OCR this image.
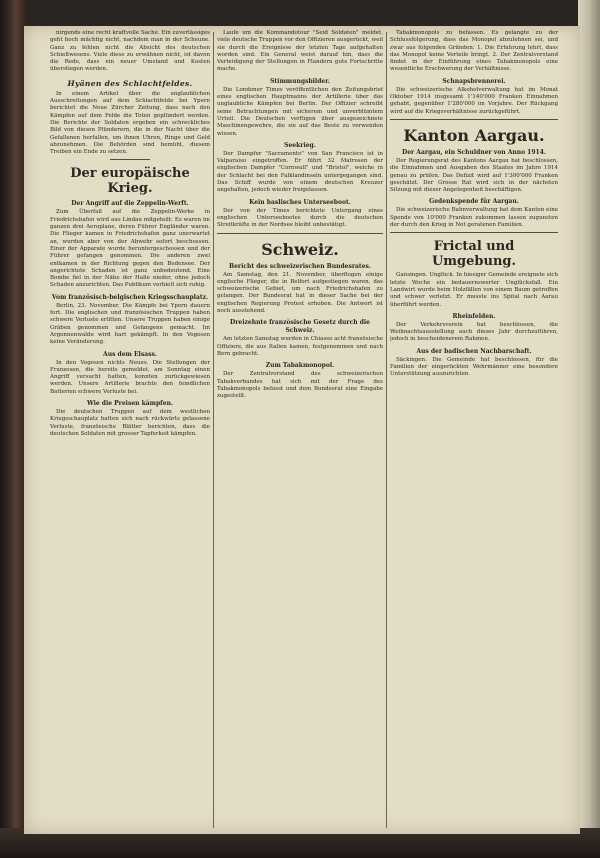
nirgends eine recht kraftvolle Sache. Ein zuverlässiges geht hoch mächtig nicht, nachdem man in der Scheune. Ganz zu fehlen nicht die Absicht des deutschen Schießwesens. Viele diese zu erwähnen nicht, ist davon die Rede, dass ein neuer Umstand und Kosten überstiegen werden.

Hyänen des Schlachtfeldes.

In einem Artikel über die unglaublichen Ausschreitungen auf dem Schlachtfelde bei Ypern berichtet die Neue Zürcher Zeitung, dass nach den Kämpfen auf dem Felde die Toten geplündert werden. Die Berichte der Soldaten ergeben ein schreckliches Bild von diesen Plünderern, die in der Nacht über die Gefallenen herfallen, um ihnen Uhren, Ringe und Geld abzunehmen. Die Behörden sind bemüht, diesem Treiben ein Ende zu setzen.

Der europäische Krieg.
Der Angriff auf die Zeppelin-Werft.

Zum Überfall auf die Zeppelin-Werke in Friedrichshafen wird aus Lindau mitgeteilt: Es waren im ganzen drei Aeroplane, deren Führer Engländer waren. Die Flieger kamen in Friedrichshafen ganz unerwartet an, wurden aber von der Abwehr sofort beschossen. Einer der Apparate wurde heruntergeschossen und der Führer gefangen genommen. Die anderen zwei entkamen in der Richtung gegen den Bodensee. Der angerichtete Schaden ist ganz unbedeutend. Eine Bombe fiel in der Nähe der Halle nieder, ohne jedoch Schaden anzurichten. Das Publikum verhielt sich ruhig.

Vom französisch-belgischen Kriegsschauplatz.

Berlin, 23. November. Die Kämpfe bei Ypern dauern fort. Die englischen und französischen Truppen haben schwere Verluste erlitten. Unsere Truppen haben einige Gräben genommen und Gefangene gemacht. Im Argonnenwalde wird hart gekämpft. In den Vogesen keine Veränderung.

Aus dem Elsass.

In den Vogesen nichts Neues. Die Stellungen der Franzosen, die bereits gemeldet, am Sonntag einen Angriff versucht hatten, konnten zurückgewiesen werden. Unsere Artillerie brachte den feindlichen Batterien schwere Verluste bei.

Wie die Preisen kämpfen.

Die deutschen Truppen auf dem westlichen Kriegsschauplatz hatten sich nach rückwärts gelassene Verluste, französische Blätter berichten, dass die deutschen Soldaten mit grosser Tapferkeit kämpfen.

Laufe um die Kommandotour "Seid Soldaten" meldet, viele deutsche Truppen vor den Offizieren ausgerückt, weil sie durch die Ereignisse der letzten Tage aufgehalten worden sind. Ein General weist darauf hin, dass die Verteidigung der Stellungen in Flandern gute Fortschritte mache.

Stimmungsbilder.

Die Londoner Times veröffentlichen den Zeitungsbrief eines englischen Hauptmanns der Artillerie über das unglaubliche Kämpfen bei Berlin. Der Offizier schreibt seine Betrachtungen mit sicherem und unverblümtem Urteil. Die Deutschen verfügen über ausgezeichnete Maschinengewehre, die sie auf das Beste zu verwenden wissen.

Seekrieg.

Der Dampfer "Sacramento" von San Francisco ist in Valparaiso eingetroffen. Er führt 32 Matrosen der englischen Dampfer "Cornwall" und "Bristol", welche in der Schlacht bei den Falklandinseln untergegangen sind. Das Schiff wurde von einem deutschen Kreuzer angehalten, jedoch wieder freigelassen.

Kein baslisches Unterseeboot.

Der von der Times berichtete Untergang eines englischen Unterseebootes durch die deutschen Streitkräfte in der Nordsee bleibt unbestätigt.

Schweiz.
Bericht des schweizerischen Bundesrates.

Am Samstag, den 21. November, überflogen einige englische Flieger, die in Belfort aufgestiegen waren, das schweizerische Gebiet, um nach Friedrichshafen zu gelangen. Der Bundesrat hat in dieser Sache bei der englischen Regierung Protest erhoben. Die Antwort ist noch ausstehend.

Dreizehnte französische Gesetz durch die Schweiz.

Am letzten Samstag wurden in Chiasso acht französische Offiziere, die aus Italien kamen, festgenommen und nach Bern gebracht.

Zum Tabakmonopol.

Der Zentralvorstand des schweizerischen Tabakverbandes hat sich mit der Frage des Tabakmonopols befasst und dem Bundesrat eine Eingabe zugestellt.

Tabakmonopols zu befassen. Es gelangte zu der Schlussfolgerung, dass das Monopol abzulehnen sei, und zwar aus folgenden Gründen: 1. Die Erfahrung lehrt, dass das Monopol keine Vorteile bringt. 2. Der Zentralvorstand findet in der Einführung eines Tabakmonopols eine wesentliche Erschwerung der Verhältnisse.

Schnapsbrennerei.

Die schweizerische Alkoholverwaltung hat im Monat Oktober 1914 insgesamt 1'140'000 Franken Einnahmen gehabt, gegenüber 1'280'000 im Vorjahre. Der Rückgang wird auf die Kriegsverhältnisse zurückgeführt.

Kanton Aargau.
Der Aargau, ein Schuldner von Anno 1914.

Der Regierungsrat des Kantons Aargau hat beschlossen, die Einnahmen und Ausgaben des Staates im Jahre 1914 genau zu prüfen. Das Defizit wird auf 1'300'000 Franken geschätzt. Der Grosse Rat wird sich in der nächsten Sitzung mit dieser Angelegenheit beschäftigen.

Gedenkspende für Aargau.

Die schweizerische Bahnverwaltung hat dem Kanton eine Spende von 10'000 Franken zukommen lassen zugunsten der durch den Krieg in Not geratenen Familien.

Frictal und Umgebung.

Gansingen. Unglück. In hiesiger Gemeinde ereignete sich letzte Woche ein bedauernswerter Unglücksfall. Ein Landwirt wurde beim Holzfällen von einem Baum getroffen und schwer verletzt. Er musste ins Spital nach Aarau überführt werden.

Rheinfelden.

Der Verkehrsverein hat beschlossen, die Weihnachtsausstellung auch dieses Jahr durchzuführen, jedoch in bescheidenerem Rahmen.

Aus der badischen Nachbarschaft.

Säckingen. Die Gemeinde hat beschlossen, für die Familien der eingerückten Wehrmänner eine besondere Unterstützung auszurichten.
